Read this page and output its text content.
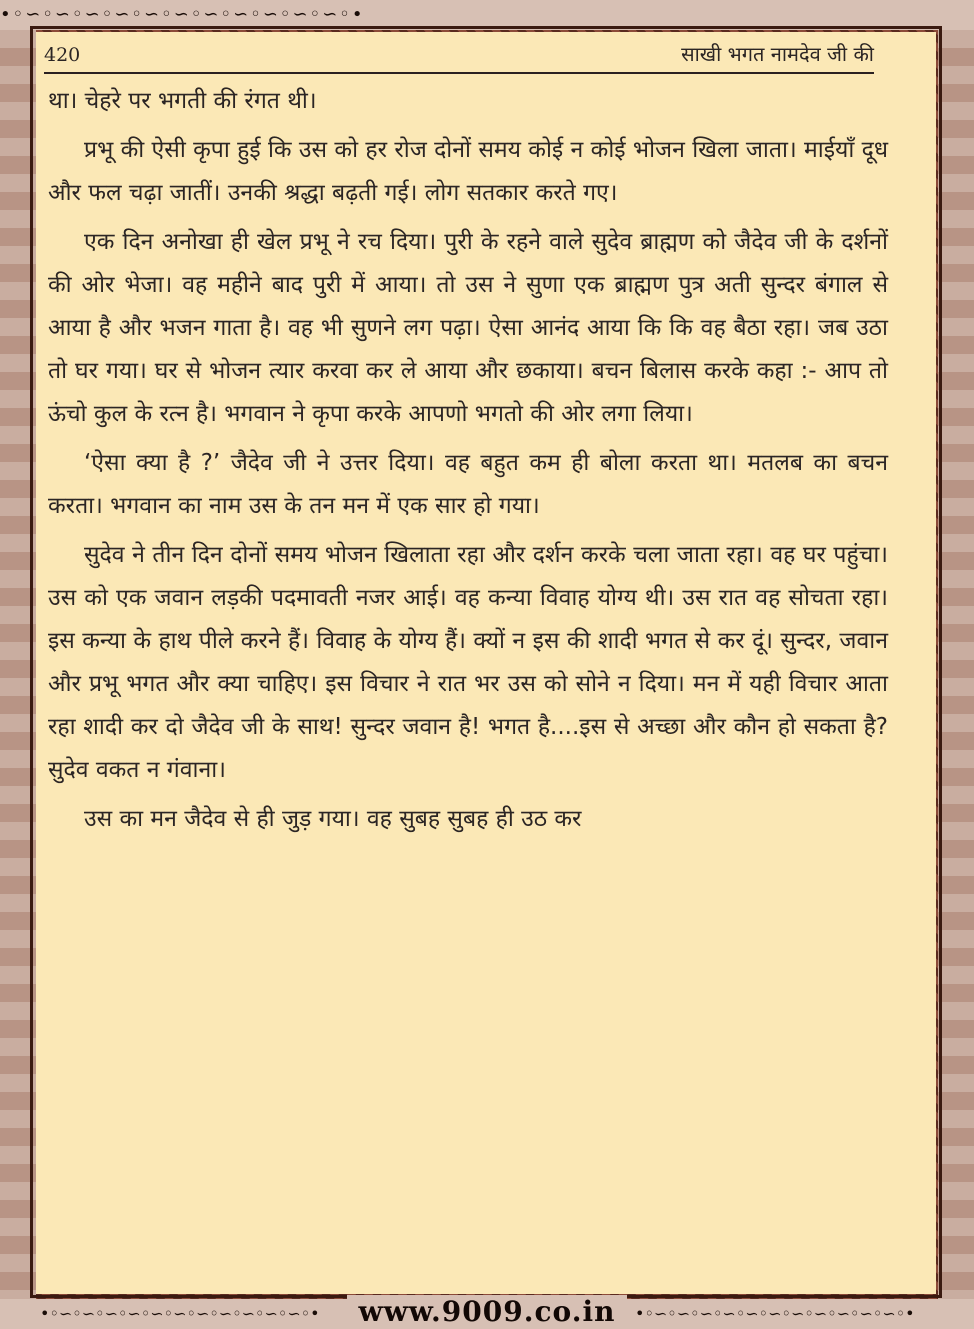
•◦∽◦∽◦∽◦∽◦∽◦∽◦∽◦∽◦∽◦∽◦∽◦•
420	साखी भगत नामदेव जी की

था। चेहरे पर भगती की रंगत थी।

प्रभू की ऐसी कृपा हुई कि उस को हर रोज दोनों समय कोई न कोई भोजन खिला जाता। माईयाँ दूध और फल चढ़ा जातीं। उनकी श्रद्धा बढ़ती गई। लोग सतकार करते गए।

एक दिन अनोखा ही खेल प्रभू ने रच दिया। पुरी के रहने वाले सुदेव ब्राह्मण को जैदेव जी के दर्शनों की ओर भेजा। वह महीने बाद पुरी में आया। तो उस ने सुणा एक ब्राह्मण पुत्र अती सुन्दर बंगाल से आया है और भजन गाता है। वह भी सुणने लग पढ़ा। ऐसा आनंद आया कि कि वह बैठा रहा। जब उठा तो घर गया। घर से भोजन त्यार करवा कर ले आया और छकाया। बचन बिलास करके कहा :- आप तो ऊंचो कुल के रत्न है। भगवान ने कृपा करके आपणो भगतो की ओर लगा लिया।

‘ऐसा क्या है ?’ जैदेव जी ने उत्तर दिया। वह बहुत कम ही बोला करता था। मतलब का बचन करता। भगवान का नाम उस के तन मन में एक सार हो गया।

सुदेव ने तीन दिन दोनों समय भोजन खिलाता रहा और दर्शन करके चला जाता रहा। वह घर पहुंचा। उस को एक जवान लड़की पदमावती नजर आई। वह कन्या विवाह योग्य थी। उस रात वह सोचता रहा। इस कन्या के हाथ पीले करने हैं। विवाह के योग्य हैं। क्यों न इस की शादी भगत से कर दूं। सुन्दर, जवान और प्रभू भगत और क्या चाहिए। इस विचार ने रात भर उस को सोने न दिया। मन में यही विचार आता रहा शादी कर दो जैदेव जी के साथ! सुन्दर जवान है! भगत है....इस से अच्छा और कौन हो सकता है? सुदेव वकत न गंवाना।

उस का मन जैदेव से ही जुड़ गया। वह सुबह सुबह ही उठ कर

•◦∽◦∽◦∽◦∽◦∽◦∽◦∽◦∽◦∽◦∽◦∽◦•	www.9009.co.in	•◦∽◦∽◦∽◦∽◦∽◦∽◦∽◦∽◦∽◦∽◦∽◦•
